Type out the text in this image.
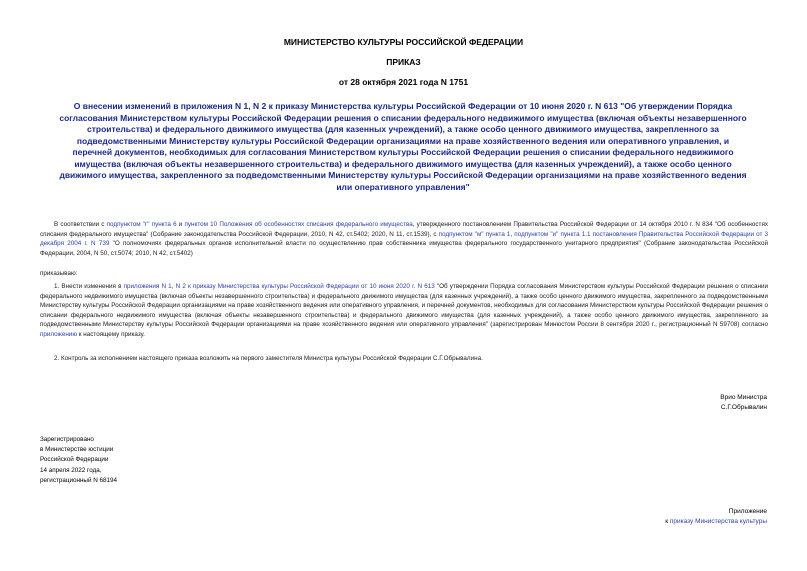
МИНИСТЕРСТВО КУЛЬТУРЫ РОССИЙСКОЙ ФЕДЕРАЦИИ
ПРИКАЗ
от 28 октября 2021 года N 1751
О внесении изменений в приложения N 1, N 2 к приказу Министерства культуры Российской Федерации от 10 июня 2020 г. N 613 "Об утверждении Порядка согласования Министерством культуры Российской Федерации решения о списании федерального недвижимого имущества (включая объекты незавершенного строительства) и федерального движимого имущества (для казенных учреждений), а также особо ценного движимого имущества, закрепленного за подведомственными Министерству культуры Российской Федерации организациями на праве хозяйственного ведения или оперативного управления, и перечней документов, необходимых для согласования Министерством культуры Российской Федерации решения о списании федерального недвижимого имущества (включая объекты незавершенного строительства) и федерального движимого имущества (для казенных учреждений), а также особо ценного движимого имущества, закрепленного за подведомственными Министерству культуры Российской Федерации организациями на праве хозяйственного ведения или оперативного управления"
В соответствии с подпунктом "г" пункта 6 и пунктом 10 Положения об особенностях списания федерального имущества, утвержденного постановлением Правительства Российской Федерации от 14 октября 2010 г. N 834 "Об особенностях списания федерального имущества" (Собрание законодательства Российской Федерации, 2010, N 42, ст.5402; 2020, N 11, ст.1539), с подпунктом "м" пункта 1, подпунктом "и" пункта 1.1 постановления Правительства Российской Федерации от 3 декабря 2004 г. N 739 "О полномочиях федеральных органов исполнительной власти по осуществлению прав собственника имущества федерального государственного унитарного предприятия" (Собрание законодательства Российской Федерации, 2004, N 50, ст.5074; 2010, N 42, ст.5402)
приказываю:
1. Внести изменения в приложения N 1, N 2 к приказу Министерства культуры Российской Федерации от 10 июня 2020 г. N 613 "Об утверждении Порядка согласования Министерством культуры Российской Федерации решения о списании федерального недвижимого имущества (включая объекты незавершенного строительства) и федерального движимого имущества (для казенных учреждений), а также особо ценного движимого имущества, закрепленного за подведомственными Министерству культуры Российской Федерации организациями на праве хозяйственного ведения или оперативного управления, и перечней документов, необходимых для согласования Министерством культуры Российской Федерации решения о списании федерального недвижимого имущества (включая объекты незавершенного строительства) и федерального движимого имущества (для казенных учреждений), а также особо ценного движимого имущества, закрепленного за подведомственными Министерству культуры Российской Федерации организациями на праве хозяйственного ведения или оперативного управления" (зарегистрирован Минюстом России 8 сентября 2020 г., регистрационный N 59708) согласно приложению к настоящему приказу.
2. Контроль за исполнением настоящего приказа возложить на первого заместителя Министра культуры Российской Федерации С.Г.Обрывалина.
Врио Министра
С.Г.Обрывалин
Зарегистрировано
в Министерстве юстиции
Российской Федерации
14 апреля 2022 года,
регистрационный N 68194
Приложение
к приказу Министерства культуры
